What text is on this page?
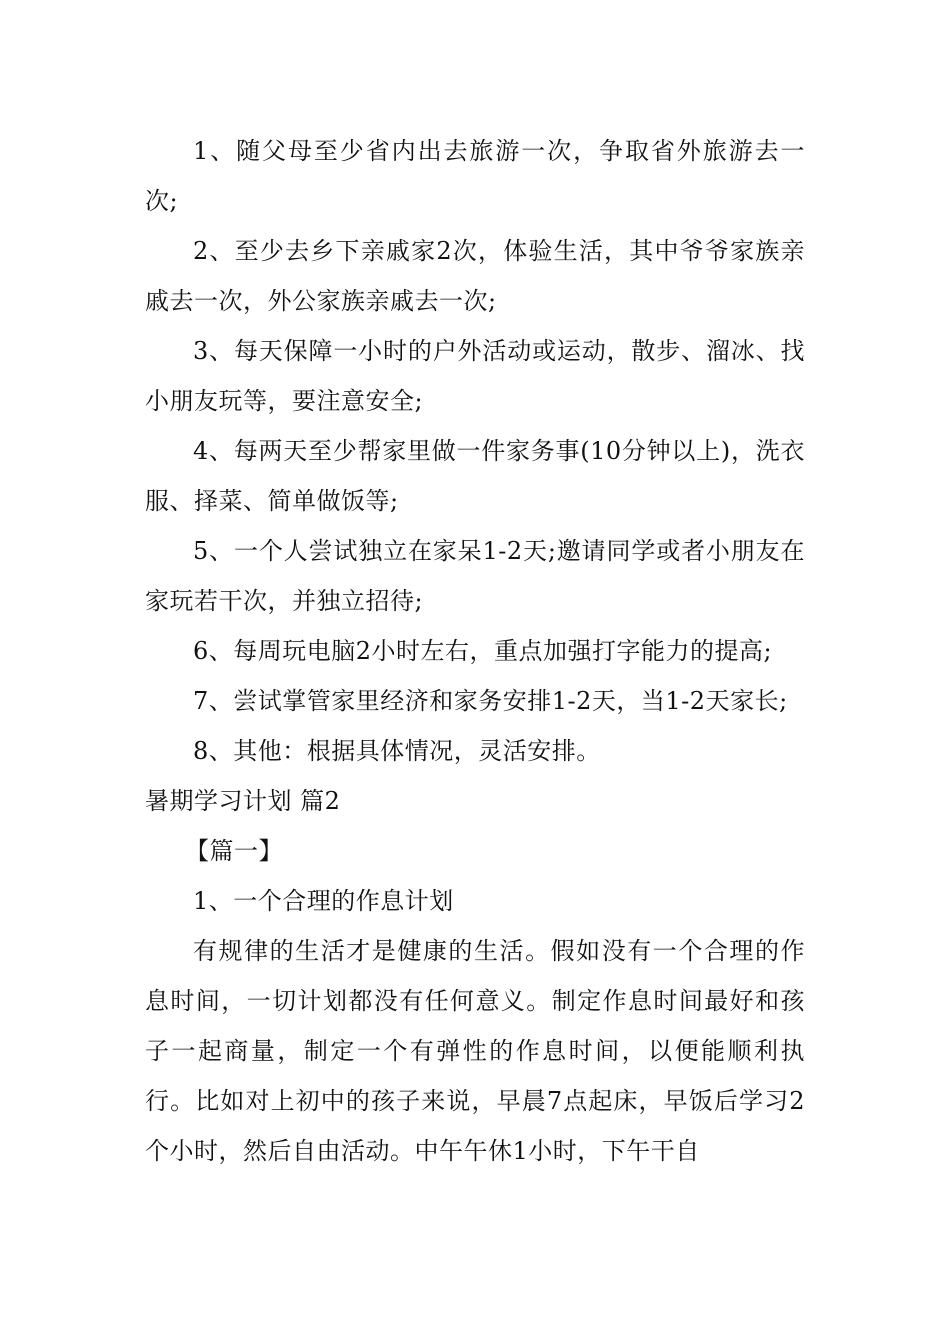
1、随父母至少省内出去旅游一次，争取省外旅游去一次;

2、至少去乡下亲戚家2次，体验生活，其中爷爷家族亲戚去一次，外公家族亲戚去一次;

3、每天保障一小时的户外活动或运动，散步、溜冰、找小朋友玩等，要注意安全;

4、每两天至少帮家里做一件家务事(10分钟以上)，洗衣服、择菜、简单做饭等;

5、一个人尝试独立在家呆1-2天;邀请同学或者小朋友在家玩若干次，并独立招待;

6、每周玩电脑2小时左右，重点加强打字能力的提高;

7、尝试掌管家里经济和家务安排1-2天，当1-2天家长;

8、其他：根据具体情况，灵活安排。

暑期学习计划 篇2

【篇一】

1、一个合理的作息计划

有规律的生活才是健康的生活。假如没有一个合理的作息时间，一切计划都没有任何意义。制定作息时间最好和孩子一起商量，制定一个有弹性的作息时间，以便能顺利执行。比如对上初中的孩子来说，早晨7点起床，早饭后学习2个小时，然后自由活动。中午午休1小时，下午干自
